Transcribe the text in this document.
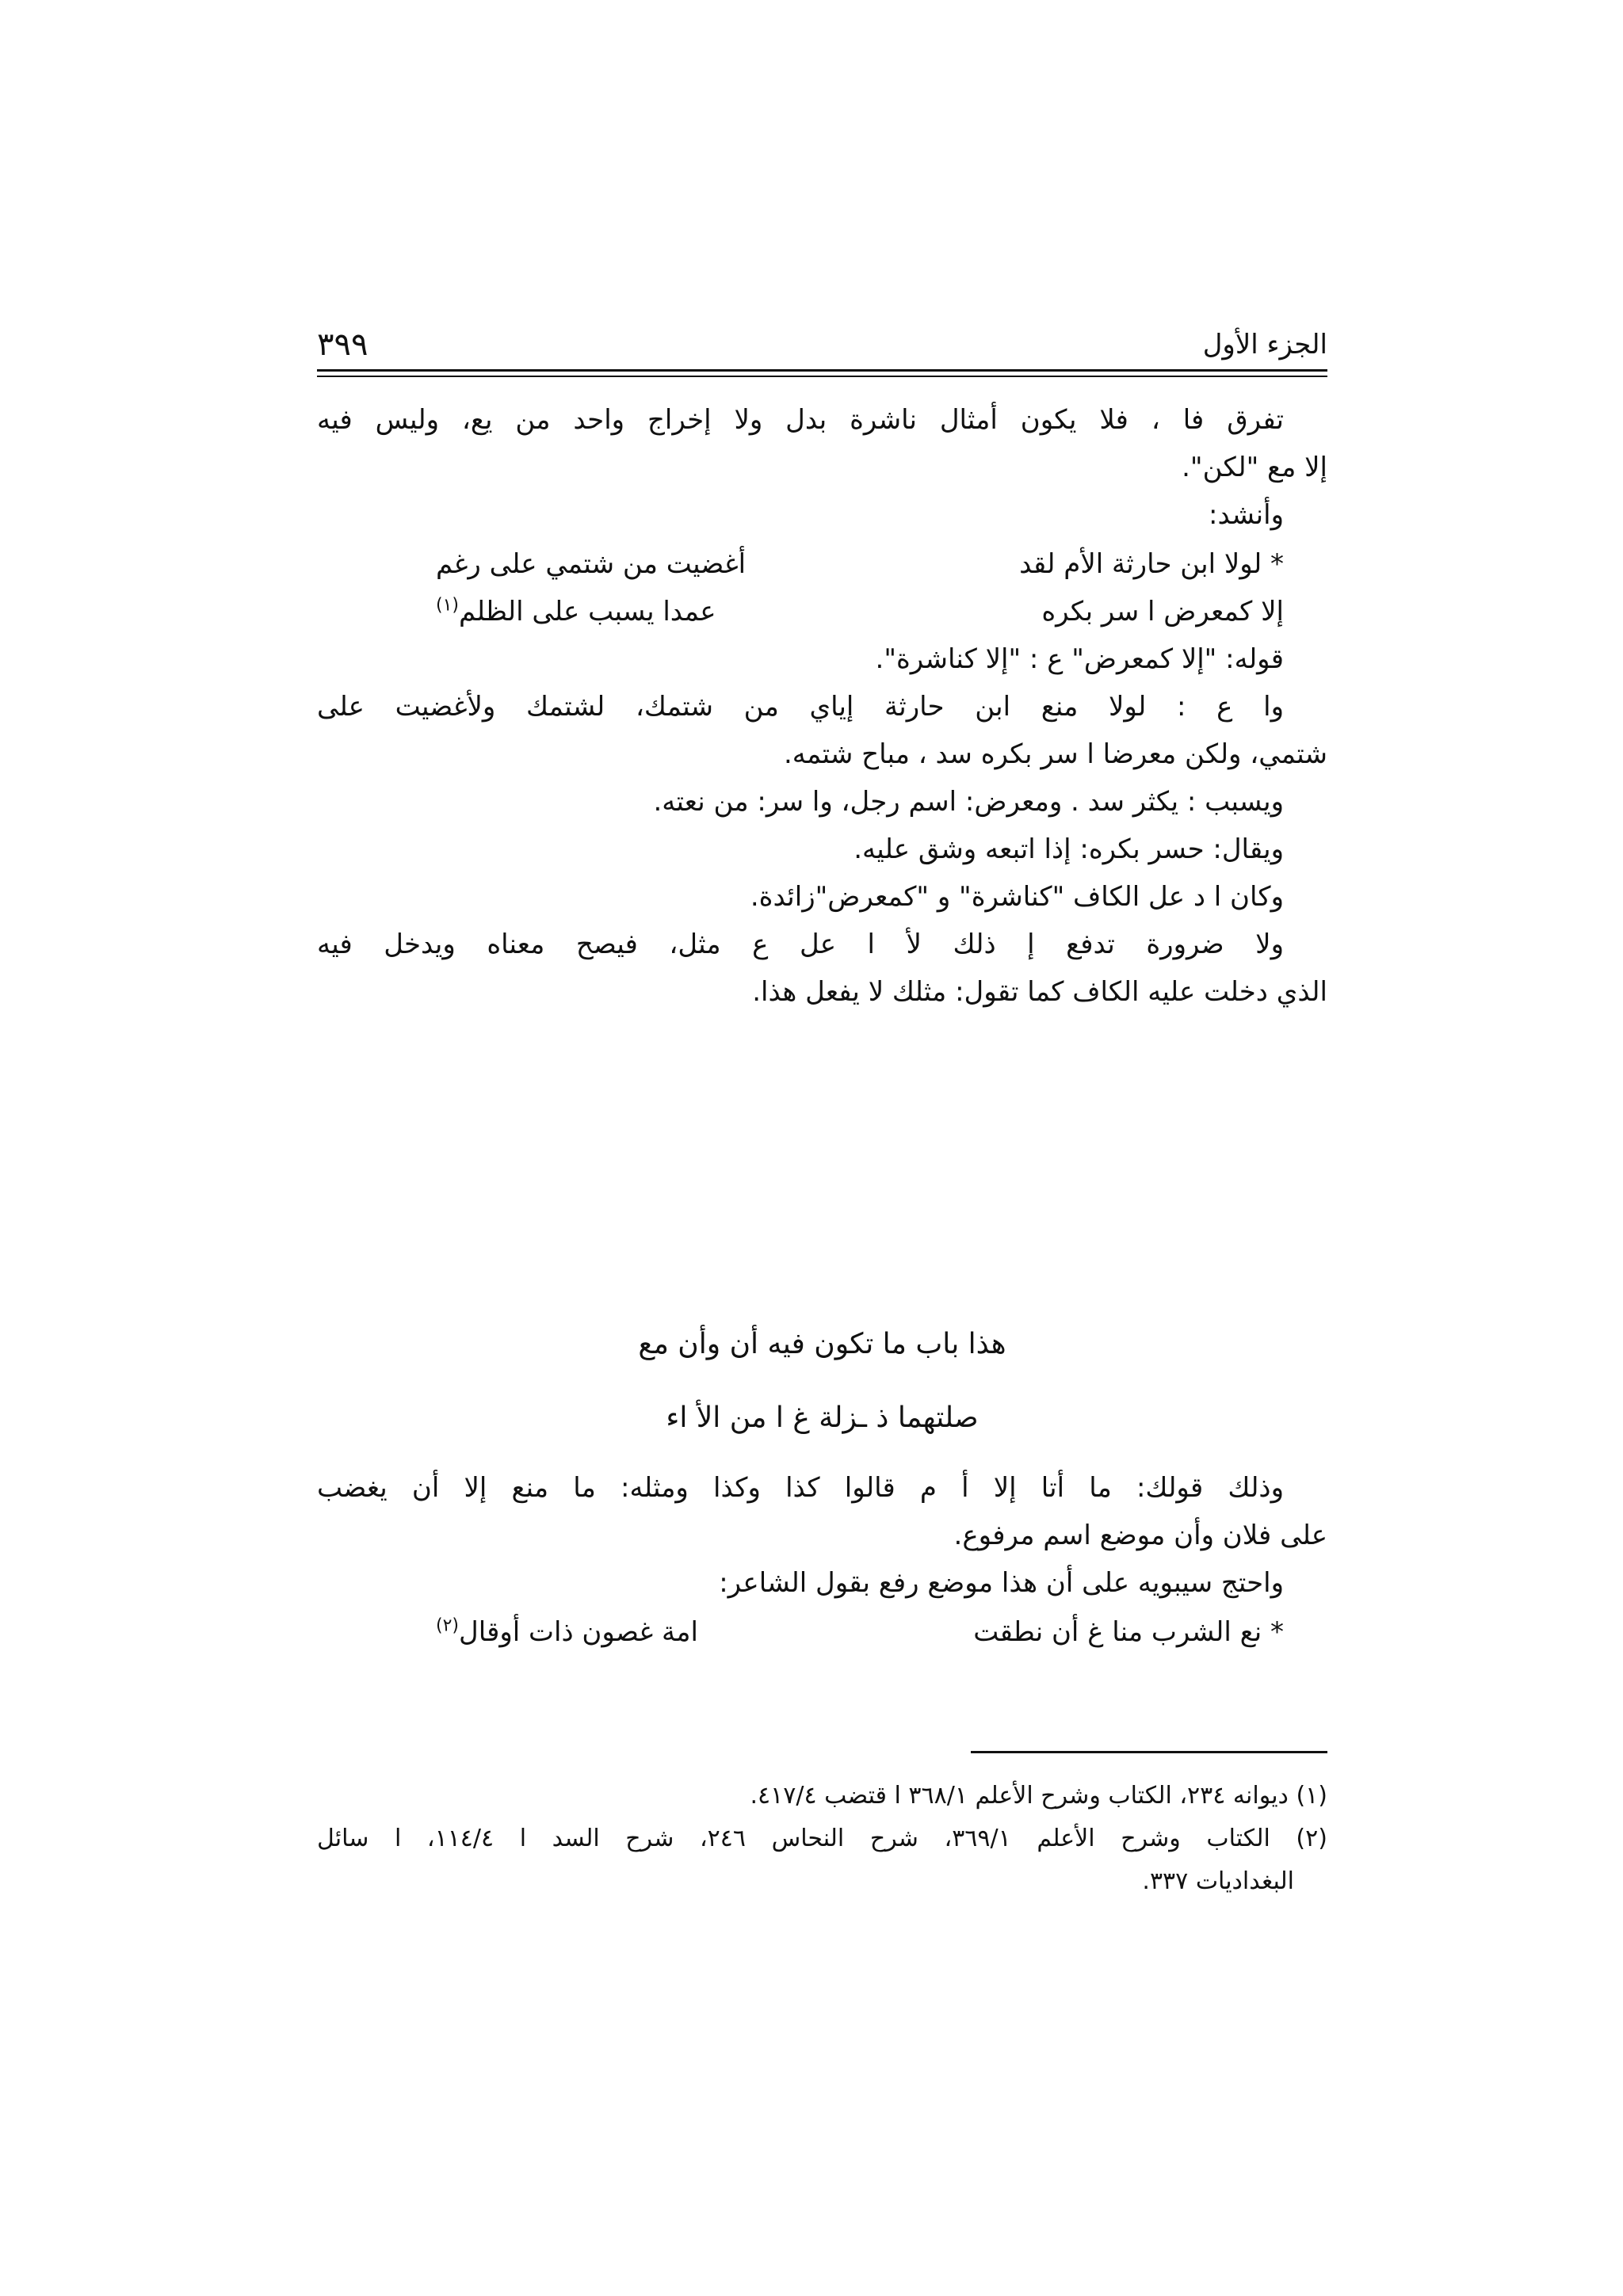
الجزء الأول
٣٩٩
تفرق فا ، فلا يكون أمثال ناشرة بدل ولا إخراج واحد من يع، وليس فيه
إلا مع "لكن".
وأنشد:
* لولا ابن حارثة الأم لقد
أغضيت من شتمي على رغم
إلا كمعرض ا سر بكره
عمدا يسبب على الظلم$^{(١)}$
قوله: "إلا كمعرض" ع : "إلا كناشرة".
وا ع : لولا منع ابن حارثة إياي من شتمك، لشتمك ولأغضيت على
شتمي، ولكن معرضا ا سر بكره سد ، مباح شتمه.
ويسبب : يكثر سد . ومعرض: اسم رجل، وا سر: من نعته.
ويقال: حسر بكره: إذا اتبعه وشق عليه.
وكان ا د عل الكاف "كناشرة" و "كمعرض"زائدة.
ولا ضرورة تدفع إ ذلك لأ ا عل ع مثل، فيصح معناه ويدخل فيه
الذي دخلت عليه الكاف كما تقول: مثلك لا يفعل هذا.
هذا باب ما تكون فيه أن وأن مع
صلتهما ذ ـزلة غ ا من الأ اء
وذلك قولك: ما أتا إلا أ م قالوا كذا وكذا ومثله: ما منع إلا أن يغضب
على فلان وأن موضع اسم مرفوع.
واحتج سيبويه على أن هذا موضع رفع بقول الشاعر:
* نع الشرب منا غ أن نطقت
امة غصون ذات أوقال$^{(٢)}$
(١) ديوانه ٢٣٤، الكتاب وشرح الأعلم ٣٦٨/١ ا قتضب ٤١٧/٤.
(٢) الكتاب وشرح الأعلم ٣٦٩/١، شرح النحاس ٢٤٦، شرح السد ا ١١٤/٤، ا سائل
البغداديات ٣٣٧.
